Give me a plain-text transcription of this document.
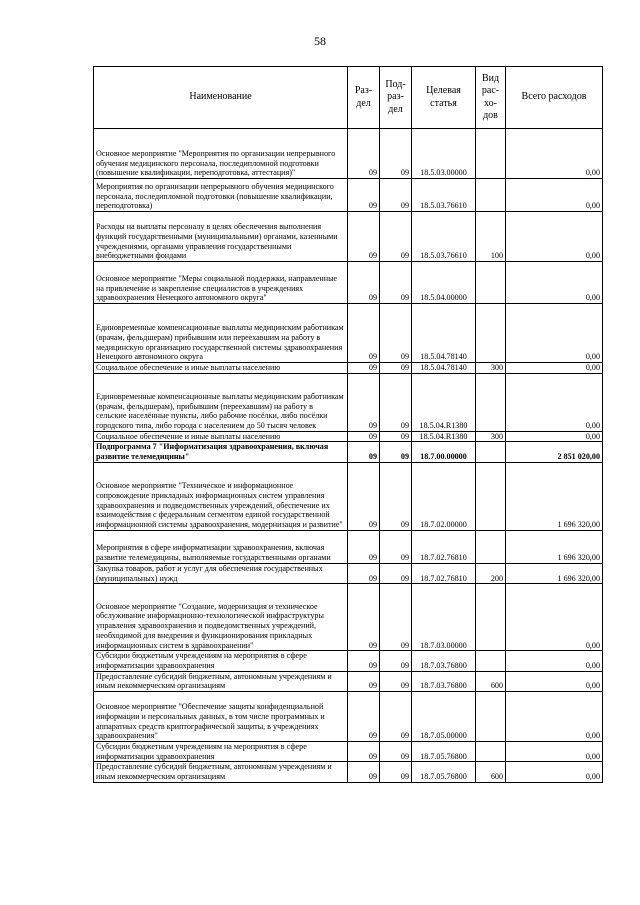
58
Наименование	Раз- дел	Под- раз- дел	Целевая статья	Вид рас- хо- дов	Всего расходов
Основное мероприятие "Мероприятия по организации непрерывного обучения медицинского персонала, последипломной подготовки (повышение квалификации, переподготовка, аттестация)"	09	09	18.5.03.00000		0,00
Мероприятия по организации непрерывного обучения медицинского персонала, последипломной подготовки (повышение квалификации, переподготовка)	09	09	18.5.03.76610		0,00
Расходы на выплаты персоналу в целях обеспечения выполнения функций государственными (муниципальными) органами, казенными учреждениями, органами управления государственными внебюджетными фондами	09	09	18.5.03.76610	100	0,00
Основное мероприятие "Меры социальной поддержки, направленные на привлечение и закрепление специалистов в учреждениях здравоохранения Ненецкого автономного округа"	09	09	18.5.04.00000		0,00
Единовременные компенсационные выплаты медицинским работникам (врачам, фельдшерам) прибывшим или переехавшим на работу в медицинскую организацию государственной системы здравоохранения Ненецкого автономного округа	09	09	18.5.04.78140		0,00
Социальное обеспечение и иные выплаты населению	09	09	18.5.04.78140	300	0,00
Единовременные компенсационные выплаты медицинским работникам (врачам, фельдшерам), прибывшим (переехавшим) на работу в сельские населённые пункты, либо рабочие посёлки, либо посёлки городского типа, либо города с населением до 50 тысяч человек	09	09	18.5.04.R1380		0,00
Социальное обеспечение и иные выплаты населению	09	09	18.5.04.R1380	300	0,00
Подпрограмма 7 "Информатизация здравоохранения, включая развитие телемедицины"	09	09	18.7.00.00000		2 851 020,00
Основное мероприятие "Техническое и информационное сопровождение прикладных информационных систем управления здравоохранения и подведомственных учреждений, обеспечение их взаимодействия с федеральным сегментом единой государственной информационной системы здравоохранения, модернизация и развитие"	09	09	18.7.02.00000		1 696 320,00
Мероприятия в сфере информатизации здравоохранения, включая развитие телемедицины, выполняемые государственными органами	09	09	18.7.02.76810		1 696 320,00
Закупка товаров, работ и услуг для обеспечения государственных (муниципальных) нужд	09	09	18.7.02.76810	200	1 696 320,00
Основное мероприятие "Создание, модернизация и техническое обслуживание информационно-технологической инфраструктуры управления здравоохранения и подведомственных учреждений, необходимой для внедрения и функционирования прикладных информационных систем в здравоохранении"	09	09	18.7.03.00000		0,00
Субсидии бюджетным учреждениям на мероприятия в сфере информатизации здравоохранения	09	09	18.7.03.76800		0,00
Предоставление субсидий бюджетным, автономным учреждениям и иным некоммерческим организациям	09	09	18.7.03.76800	600	0,00
Основное мероприятие "Обеспечение защиты конфиденциальной информации и персональных данных, в том числе программных и аппаратных средств криптографической защиты, в учреждениях здравоохранения"	09	09	18.7.05.00000		0,00
Субсидии бюджетным учреждениям на мероприятия в сфере информатизации здравоохранения	09	09	18.7.05.76800		0,00
Предоставление субсидий бюджетным, автономным учреждениям и иным некоммерческим организациям	09	09	18.7.05.76800	600	0,00
